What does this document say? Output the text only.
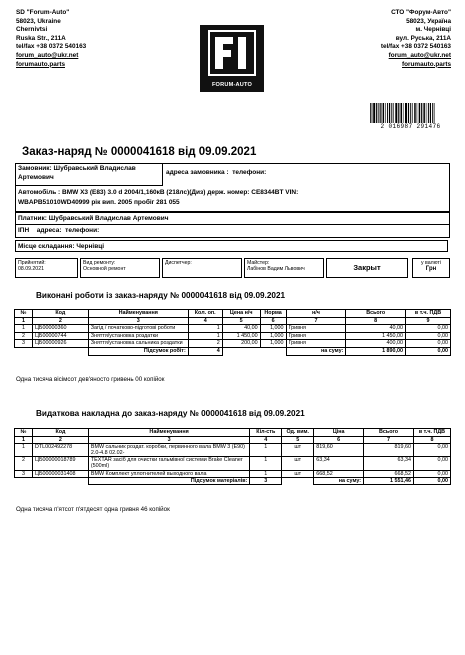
SD "Forum-Auto"
58023, Ukraine
Chernivtsi
Ruska Str., 211A
tel/fax +38 0372 540163
forum_auto@ukr.net
forumauto.parts
FORUM-AUTO
СТО "Форум-Авто"
58023, Україна
м. Чернівці
вул. Руська, 211А
tel/fax +38 0372 540163
forum_auto@ukr.net
forumauto.parts
2 016987 291476
Заказ-наряд № 0000041618 від 09.09.2021
Замовник: Шубравський Владислав Артемович
адреса замовника : телефони:
Автомобіль : BMW X3 (E83) 3.0 d 2004/1,160кВ (218лс)(Диз) держ. номер: CE8344BT VIN:
WBAPB51010WD40999 рік вип. 2005 пробіг 281 055
Платник: Шубравський Владислав Артемович
ІПН адреса: телефони:
Місце складання: Чернівці
Прийнятий:
08.09.2021
Вид ремонту:
Основной ремонт
Диспетчер:	Майстер:
Лабінов Вадим Львович	Закрыт	у валюті
Грн
Виконані роботи із заказ-наряду № 0000041618 від 09.09.2021
№	Код	Найменування	Кол. оп.	Цена н/ч	Норма	н/ч	Всього	в т.ч. ПДВ
1	2	3	4	5	6	7	8	9
1	ЦБ00000360	Загід / початково-підготові роботи	1	40,00	1,000	Гривня	40,00	0,00
2	ЦБ00000744	Зняття/установка роздатки	1	1 450,00	1,000	Гривня	1 450,00	0,00
3	ЦБ00000926	Зняття/установка сальника роздатки	2	200,00	1,000	Гривня	400,00	0,00
		Підсумок робіт:	4			на суму:	1 890,00	0,00
Одна тисяча вісімсот дев'яносто гривень 00 копійок
Видаткова накладна до заказ-наряду № 0000041618 від 09.09.2021
№	Код	Найменування	Кіл-сть	Од. вим.	Ціна	Всього	в т.ч. ПДВ
1	2	3	4	5	6	7	8
1	DTL002492278	BMW сальник роздат. коробки, первинного вала BMW 3 (E90) 2.0-4.8 02.02-	1	шт	819,60	819,60	0,00
2	ЦБ00000018789	TEXTAR засіб для очистки гальмівної системи Brake Cleaner (500ml)	1	шт	63,34	63,34	0,00
3	ЦБ00000031408	BMW Комплект уплотнителей выходного вала	1	шт	668,52	668,52	0,00
		Підсумок матеріалів:	3		на суму:	1 551,46	0,00
Одна тисяча п'ятсот п'ятдесят одна гривня 46 копійок
